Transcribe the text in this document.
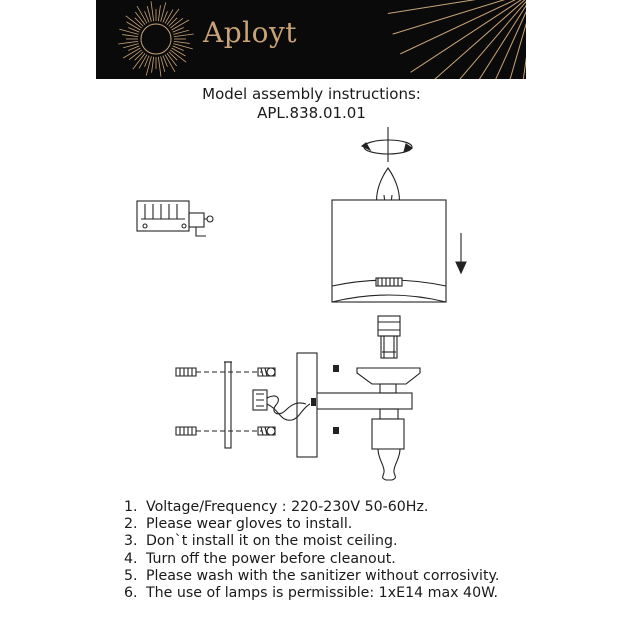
Aployt
Model assembly instructions:
APL.838.01.01
1. Voltage/Frequency : 220-230V 50-60Hz.
2. Please wear gloves to install.
3. Don`t install it on the moist ceiling.
4. Turn off the power before cleanout.
5. Please wash with the sanitizer without corrosivity.
6. The use of lamps is permissible: 1xE14 max 40W.
